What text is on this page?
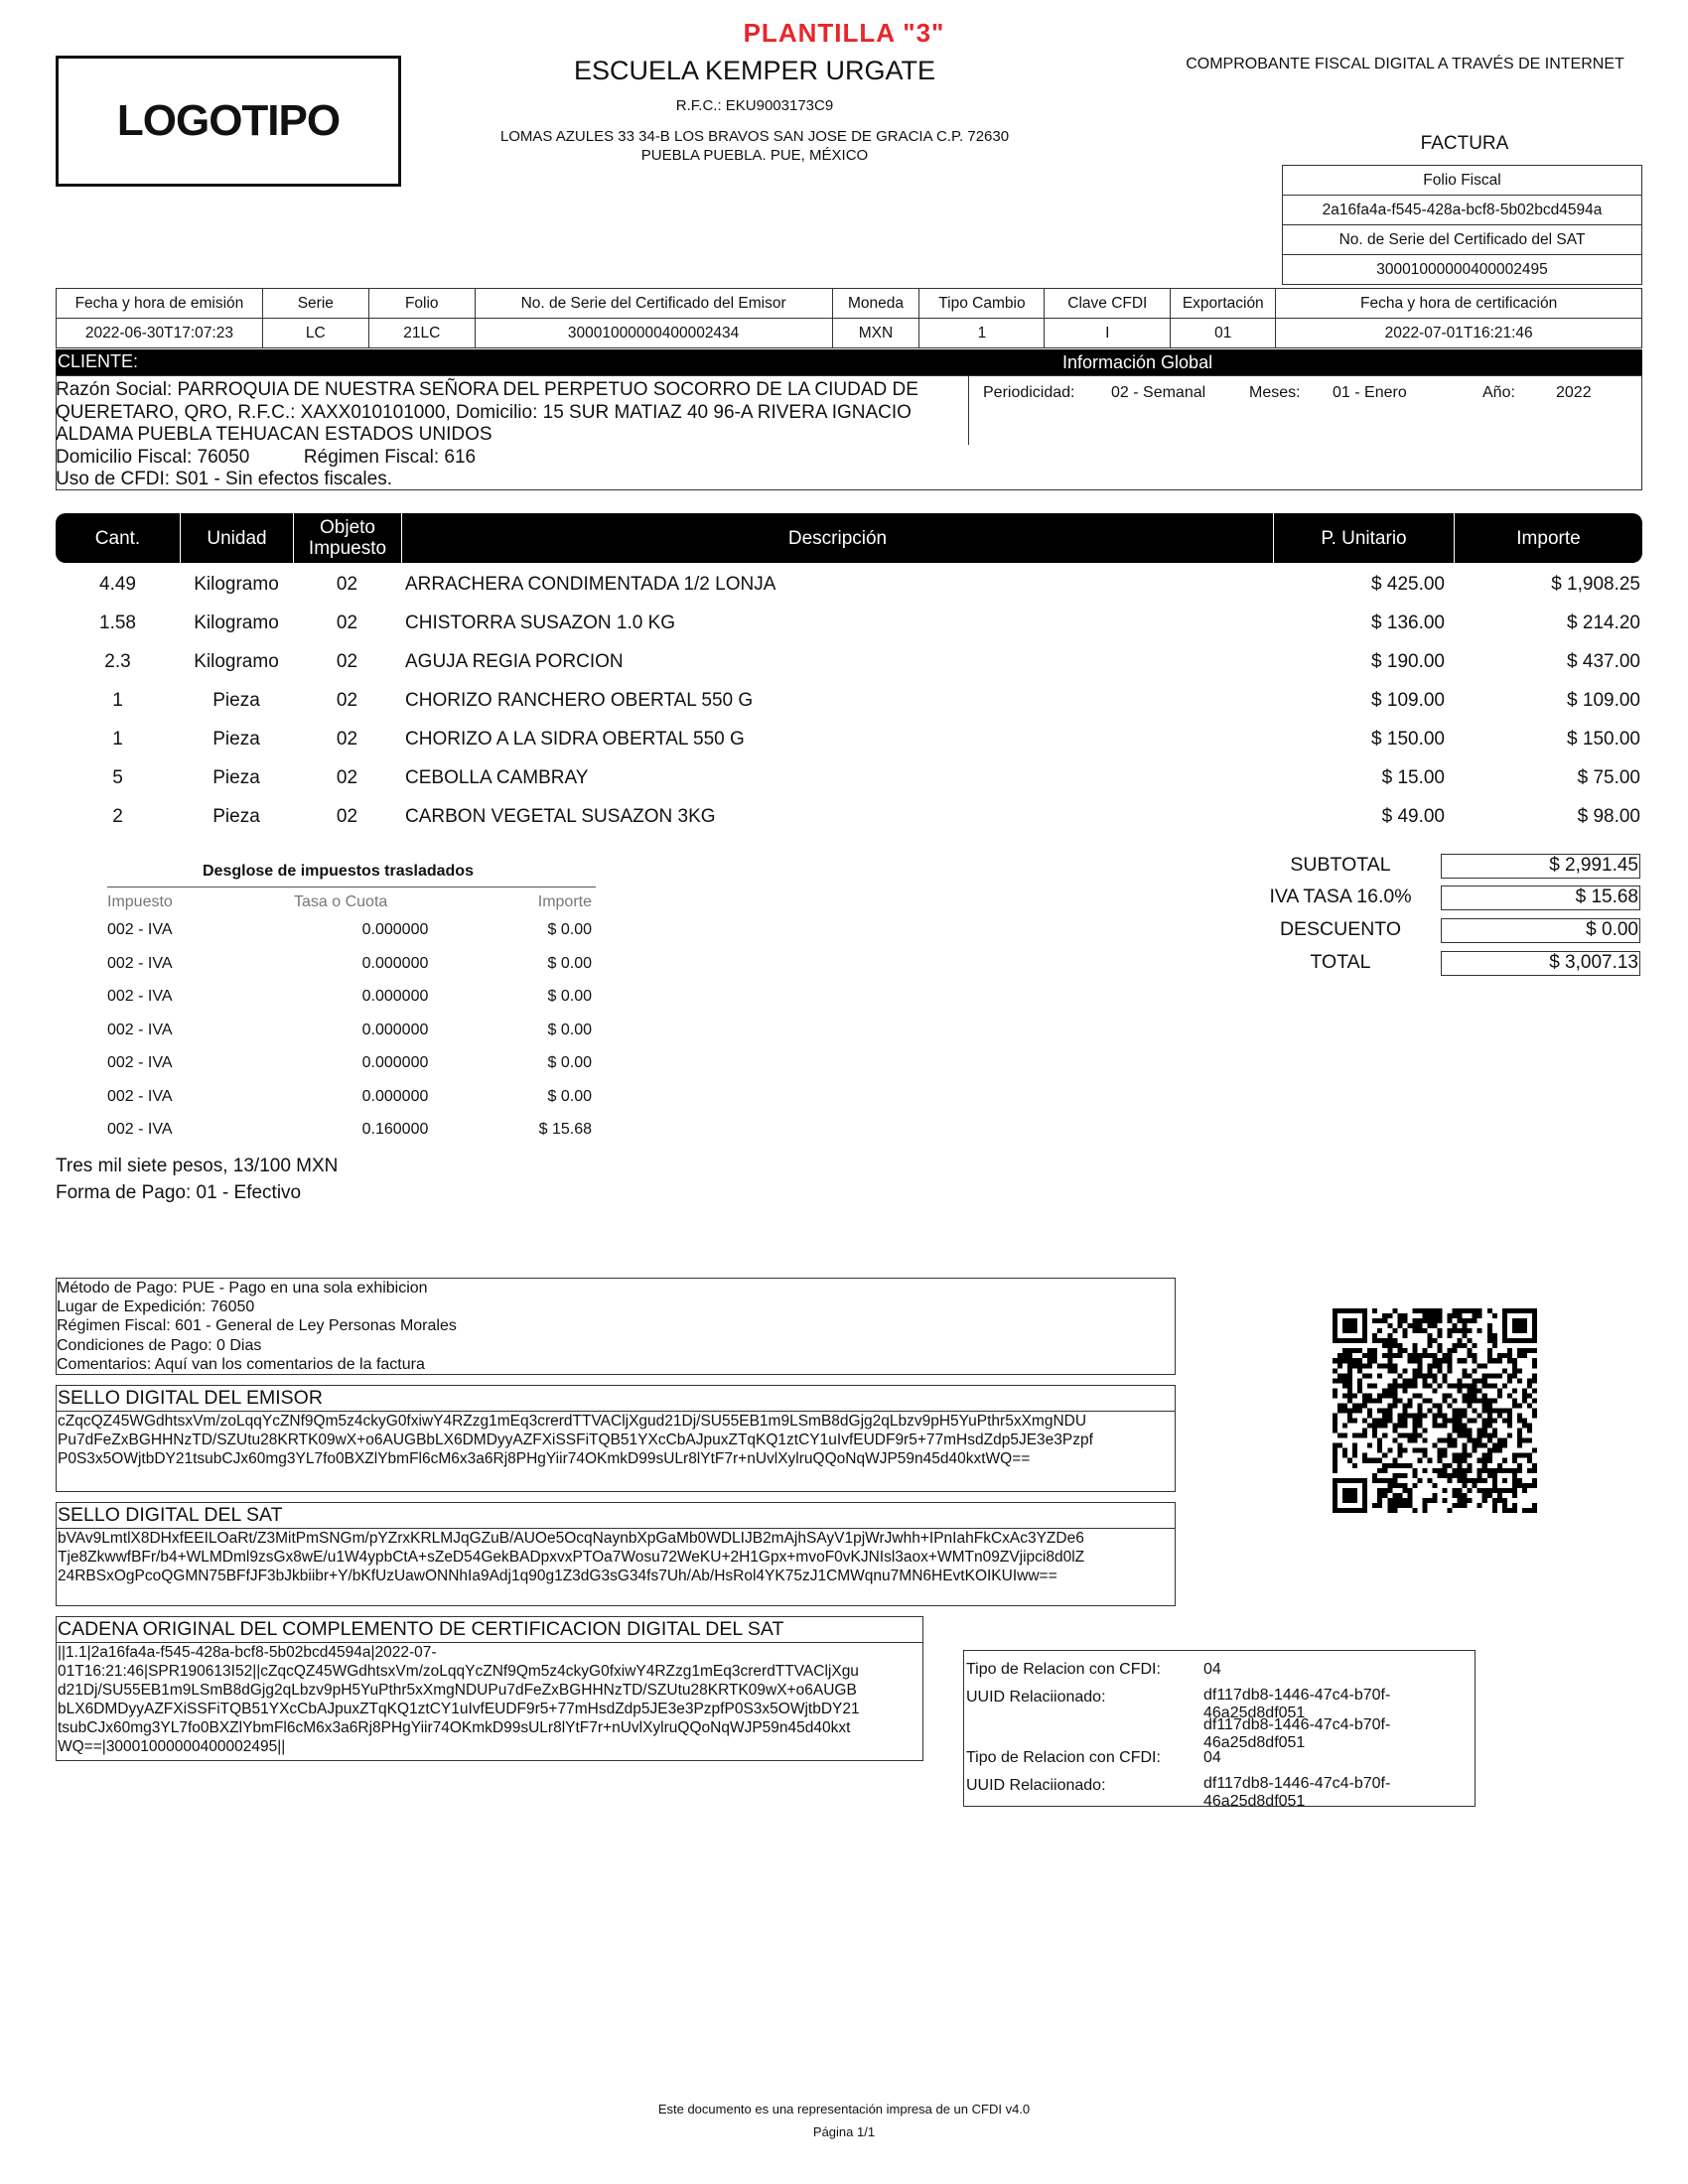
PLANTILLA "3"
LOGOTIPO
ESCUELA KEMPER URGATE
R.F.C.: EKU9003173C9
LOMAS AZULES 33 34-B LOS BRAVOS SAN JOSE DE GRACIA C.P. 72630
PUEBLA PUEBLA. PUE, MÉXICO
COMPROBANTE FISCAL DIGITAL A TRAVÉS DE INTERNET
FACTURA
Folio Fiscal
2a16fa4a-f545-428a-bcf8-5b02bcd4594a
No. de Serie del Certificado del SAT
30001000000400002495
Fecha y hora de emisión	Serie	Folio	No. de Serie del Certificado del Emisor	Moneda	Tipo Cambio	Clave CFDI	Exportación	Fecha y hora de certificación
2022-06-30T17:07:23	LC	21LC	30001000000400002434	MXN	1	I	01	2022-07-01T16:21:46
CLIENTE:	Información Global
Razón Social: PARROQUIA DE NUESTRA SEÑORA DEL PERPETUO SOCORRO DE LA CIUDAD DE
QUERETARO, QRO, R.F.C.: XAXX010101000, Domicilio: 15 SUR MATIAZ 40 96-A RIVERA IGNACIO
ALDAMA PUEBLA TEHUACAN ESTADOS UNIDOS
Domicilio Fiscal: 76050	Régimen Fiscal: 616
Uso de CFDI: S01 - Sin efectos fiscales.
Periodicidad: 02 - Semanal	Meses: 01 - Enero	Año:	2022
Cant.	Unidad	Objeto Impuesto	Descripción	P. Unitario	Importe
4.49	Kilogramo	02	ARRACHERA CONDIMENTADA 1/2 LONJA	$ 425.00	$ 1,908.25
1.58	Kilogramo	02	CHISTORRA SUSAZON 1.0 KG	$ 136.00	$ 214.20
2.3	Kilogramo	02	AGUJA REGIA PORCION	$ 190.00	$ 437.00
1	Pieza	02	CHORIZO RANCHERO OBERTAL 550 G	$ 109.00	$ 109.00
1	Pieza	02	CHORIZO A LA SIDRA OBERTAL 550 G	$ 150.00	$ 150.00
5	Pieza	02	CEBOLLA CAMBRAY	$ 15.00	$ 75.00
2	Pieza	02	CARBON VEGETAL SUSAZON 3KG	$ 49.00	$ 98.00
Desglose de impuestos trasladados
Impuesto	Tasa o Cuota	Importe
002 - IVA	0.000000	$ 0.00
002 - IVA	0.000000	$ 0.00
002 - IVA	0.000000	$ 0.00
002 - IVA	0.000000	$ 0.00
002 - IVA	0.000000	$ 0.00
002 - IVA	0.000000	$ 0.00
002 - IVA	0.160000	$ 15.68
SUBTOTAL	$ 2,991.45
IVA TASA 16.0%	$ 15.68
DESCUENTO	$ 0.00
TOTAL	$ 3,007.13
Tres mil siete pesos, 13/100 MXN
Forma de Pago: 01 - Efectivo
Método de Pago: PUE - Pago en una sola exhibicion
Lugar de Expedición: 76050
Régimen Fiscal: 601 - General de Ley Personas Morales
Condiciones de Pago: 0 Dias
Comentarios: Aquí van los comentarios de la factura
SELLO DIGITAL DEL EMISOR
cZqcQZ45WGdhtsxVm/zoLqqYcZNf9Qm5z4ckyG0fxiwY4RZzg1mEq3crerdTTVACljXgud21Dj/SU55EB1m9LSmB8dGjg2qLbzv9pH5YuPthr5xXmgNDU
Pu7dFeZxBGHHNzTD/SZUtu28KRTK09wX+o6AUGBbLX6DMDyyAZFXiSSFiTQB51YXcCbAJpuxZTqKQ1ztCY1uIvfEUDF9r5+77mHsdZdp5JE3e3Pzpf
P0S3x5OWjtbDY21tsubCJx60mg3YL7fo0BXZlYbmFl6cM6x3a6Rj8PHgYiir74OKmkD99sULr8lYtF7r+nUvlXylruQQoNqWJP59n45d40kxtWQ==
SELLO DIGITAL DEL SAT
bVAv9LmtlX8DHxfEEILOaRt/Z3MitPmSNGm/pYZrxKRLMJqGZuB/AUOe5OcqNaynbXpGaMb0WDLIJB2mAjhSAyV1pjWrJwhh+IPnIahFkCxAc3YZDe6
Tje8ZkwwfBFr/b4+WLMDml9zsGx8wE/u1W4ypbCtA+sZeD54GekBADpxvxPTOa7Wosu72WeKU+2H1Gpx+mvoF0vKJNIsl3aox+WMTn09ZVjipci8d0lZ
24RBSxOgPcoQGMN75BFfJF3bJkbiibr+Y/bKfUzUawONNhIa9Adj1q90g1Z3dG3sG34fs7Uh/Ab/HsRol4YK75zJ1CMWqnu7MN6HEvtKOIKUIww==
CADENA ORIGINAL DEL COMPLEMENTO DE CERTIFICACION DIGITAL DEL SAT
||1.1|2a16fa4a-f545-428a-bcf8-5b02bcd4594a|2022-07-
01T16:21:46|SPR190613I52||cZqcQZ45WGdhtsxVm/zoLqqYcZNf9Qm5z4ckyG0fxiwY4RZzg1mEq3crerdTTVACljXgu
d21Dj/SU55EB1m9LSmB8dGjg2qLbzv9pH5YuPthr5xXmgNDUPu7dFeZxBGHHNzTD/SZUtu28KRTK09wX+o6AUGB
bLX6DMDyyAZFXiSSFiTQB51YXcCbAJpuxZTqKQ1ztCY1uIvfEUDF9r5+77mHsdZdp5JE3e3PzpfP0S3x5OWjtbDY21
tsubCJx60mg3YL7fo0BXZlYbmFl6cM6x3a6Rj8PHgYiir74OKmkD99sULr8lYtF7r+nUvlXylruQQoNqWJP59n45d40kxt
WQ==|30001000000400002495||
Tipo de Relacion con CFDI:	04
UUID Relaciionado:	df117db8-1446-47c4-b70f-46a25d8df051
df117db8-1446-47c4-b70f-46a25d8df051
Tipo de Relacion con CFDI:	04
UUID Relaciionado:	df117db8-1446-47c4-b70f-46a25d8df051
Este documento es una representación impresa de un CFDI v4.0
Página 1/1
